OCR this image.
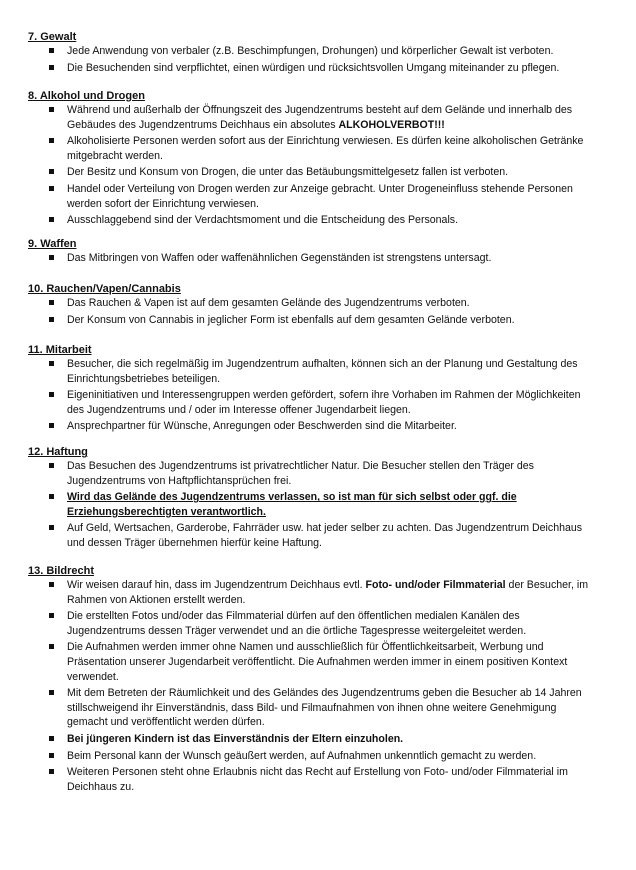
7. Gewalt
Jede Anwendung von verbaler (z.B. Beschimpfungen, Drohungen) und körperlicher Gewalt ist verboten.
Die Besuchenden sind verpflichtet, einen würdigen und rücksichtsvollen Umgang miteinander zu pflegen.
8. Alkohol und Drogen
Während und außerhalb der Öffnungszeit des Jugendzentrums besteht auf dem Gelände und innerhalb des Gebäudes des Jugendzentrums Deichhaus ein absolutes ALKOHOLVERBOT!!!
Alkoholisierte Personen werden sofort aus der Einrichtung verwiesen. Es dürfen keine alkoholischen Getränke mitgebracht werden.
Der Besitz und Konsum von Drogen, die unter das Betäubungsmittelgesetz fallen ist verboten.
Handel oder Verteilung von Drogen werden zur Anzeige gebracht. Unter Drogeneinfluss stehende Personen werden sofort der Einrichtung verwiesen.
Ausschlaggebend sind der Verdachtsmoment und die Entscheidung des Personals.
9. Waffen
Das Mitbringen von Waffen oder waffenähnlichen Gegenständen ist strengstens untersagt.
10. Rauchen/Vapen/Cannabis
Das Rauchen & Vapen ist auf dem gesamten Gelände des Jugendzentrums verboten.
Der Konsum von Cannabis in jeglicher Form ist ebenfalls auf dem gesamten Gelände verboten.
11. Mitarbeit
Besucher, die sich regelmäßig im Jugendzentrum aufhalten, können sich an der Planung und Gestaltung des Einrichtungsbetriebes beteiligen.
Eigeninitiativen und Interessengruppen werden gefördert, sofern ihre Vorhaben im Rahmen der Möglichkeiten des Jugendzentrums und / oder im Interesse offener Jugendarbeit liegen.
Ansprechpartner für Wünsche, Anregungen oder Beschwerden sind die Mitarbeiter.
12. Haftung
Das Besuchen des Jugendzentrums ist privatrechtlicher Natur. Die Besucher stellen den Träger des Jugendzentrums von Haftpflichtansprüchen frei.
Wird das Gelände des Jugendzentrums verlassen, so ist man für sich selbst oder ggf. die Erziehungsberechtigten verantwortlich.
Auf Geld, Wertsachen, Garderobe, Fahrräder usw. hat jeder selber zu achten. Das Jugendzentrum Deichhaus und dessen Träger übernehmen hierfür keine Haftung.
13. Bildrecht
Wir weisen darauf hin, dass im Jugendzentrum Deichhaus evtl. Foto- und/oder Filmmaterial der Besucher, im Rahmen von Aktionen erstellt werden.
Die erstellten Fotos und/oder das Filmmaterial dürfen auf den öffentlichen medialen Kanälen des Jugendzentrums dessen Träger verwendet und an die örtliche Tagespresse weitergeleitet werden.
Die Aufnahmen werden immer ohne Namen und ausschließlich für Öffentlichkeitsarbeit, Werbung und Präsentation unserer Jugendarbeit veröffentlicht. Die Aufnahmen werden immer in einem positiven Kontext verwendet.
Mit dem Betreten der Räumlichkeit und des Geländes des Jugendzentrums geben die Besucher ab 14 Jahren stillschweigend ihr Einverständnis, dass Bild- und Filmaufnahmen von ihnen ohne weitere Genehmigung gemacht und veröffentlicht werden dürfen.
Bei jüngeren Kindern ist das Einverständnis der Eltern einzuholen.
Beim Personal kann der Wunsch geäußert werden, auf Aufnahmen unkenntlich gemacht zu werden.
Weiteren Personen steht ohne Erlaubnis nicht das Recht auf Erstellung von Foto- und/oder Filmmaterial im Deichhaus zu.
